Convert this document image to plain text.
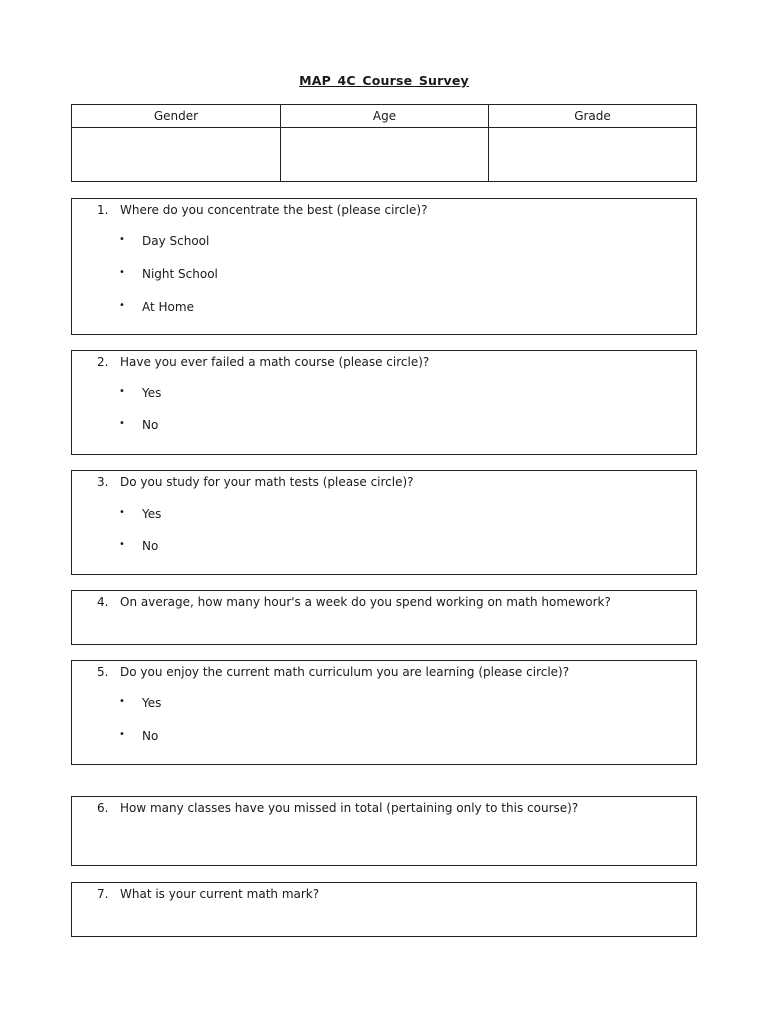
MAP 4C Course Survey
Gender	Age	Grade
1. Where do you concentrate the best (please circle)?
• Day School
• Night School
• At Home
2. Have you ever failed a math course (please circle)?
• Yes
• No
3. Do you study for your math tests (please circle)?
• Yes
• No
4. On average, how many hour's a week do you spend working on math homework?
5. Do you enjoy the current math curriculum you are learning (please circle)?
• Yes
• No
6. How many classes have you missed in total (pertaining only to this course)?
7. What is your current math mark?
